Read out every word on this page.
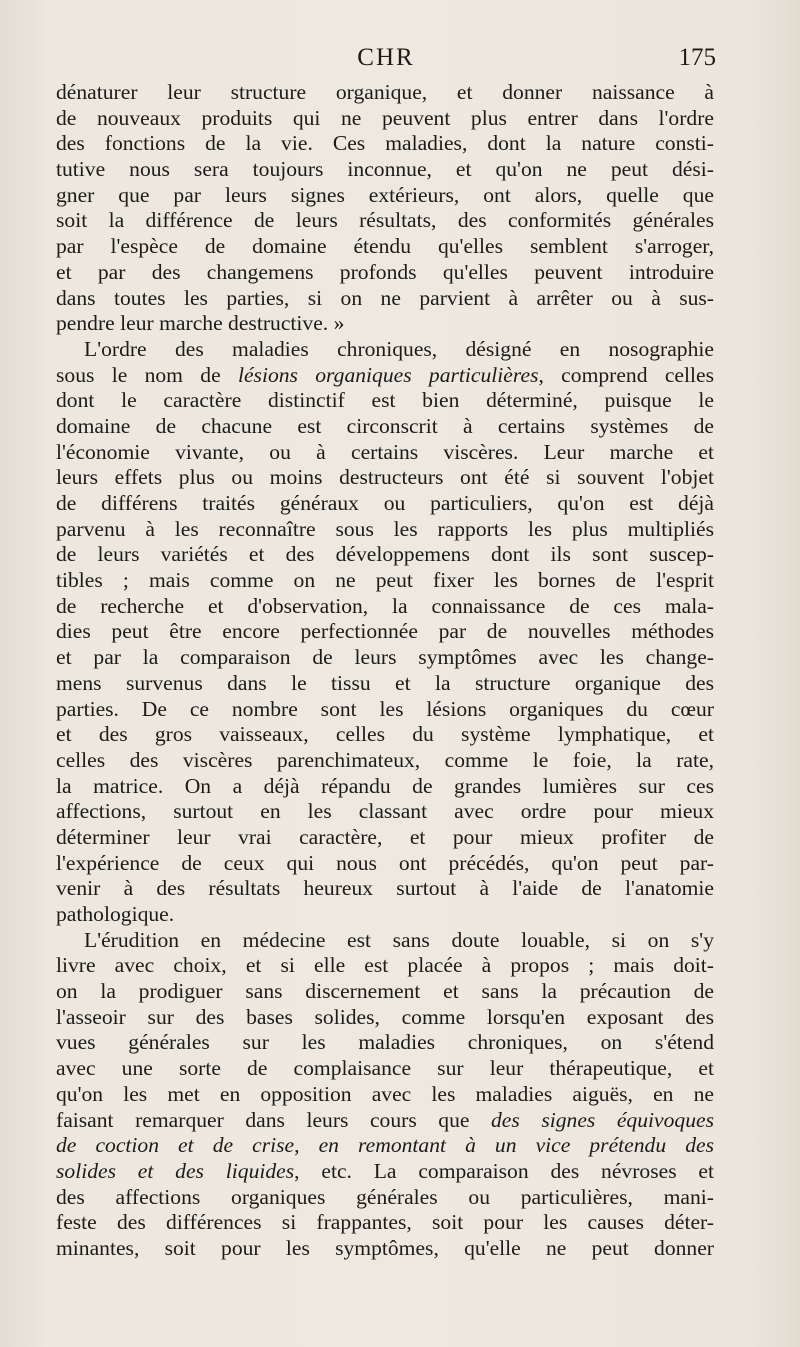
CHR	175
dénaturer leur structure organique, et donner naissance à
de nouveaux produits qui ne peuvent plus entrer dans l'ordre
des fonctions de la vie. Ces maladies, dont la nature consti-
tutive nous sera toujours inconnue, et qu'on ne peut dési-
gner que par leurs signes extérieurs, ont alors, quelle que
soit la différence de leurs résultats, des conformités générales
par l'espèce de domaine étendu qu'elles semblent s'arroger,
et par des changemens profonds qu'elles peuvent introduire
dans toutes les parties, si on ne parvient à arrêter ou à sus-
pendre leur marche destructive. »
L'ordre des maladies chroniques, désigné en nosographie
sous le nom de lésions organiques particulières, comprend celles
dont le caractère distinctif est bien déterminé, puisque le
domaine de chacune est circonscrit à certains systèmes de
l'économie vivante, ou à certains viscères. Leur marche et
leurs effets plus ou moins destructeurs ont été si souvent l'objet
de différens traités généraux ou particuliers, qu'on est déjà
parvenu à les reconnaître sous les rapports les plus multipliés
de leurs variétés et des développemens dont ils sont suscep-
tibles ; mais comme on ne peut fixer les bornes de l'esprit
de recherche et d'observation, la connaissance de ces mala-
dies peut être encore perfectionnée par de nouvelles méthodes
et par la comparaison de leurs symptômes avec les change-
mens survenus dans le tissu et la structure organique des
parties. De ce nombre sont les lésions organiques du cœur
et des gros vaisseaux, celles du système lymphatique, et
celles des viscères parenchimateux, comme le foie, la rate,
la matrice. On a déjà répandu de grandes lumières sur ces
affections, surtout en les classant avec ordre pour mieux
déterminer leur vrai caractère, et pour mieux profiter de
l'expérience de ceux qui nous ont précédés, qu'on peut par-
venir à des résultats heureux surtout à l'aide de l'anatomie
pathologique.
L'érudition en médecine est sans doute louable, si on s'y
livre avec choix, et si elle est placée à propos ; mais doit-
on la prodiguer sans discernement et sans la précaution de
l'asseoir sur des bases solides, comme lorsqu'en exposant des
vues générales sur les maladies chroniques, on s'étend
avec une sorte de complaisance sur leur thérapeutique, et
qu'on les met en opposition avec les maladies aiguës, en ne
faisant remarquer dans leurs cours que des signes équivoques
de coction et de crise, en remontant à un vice prétendu des
solides et des liquides, etc. La comparaison des névroses et
des affections organiques générales ou particulières, mani-
feste des différences si frappantes, soit pour les causes déter-
minantes, soit pour les symptômes, qu'elle ne peut donner
